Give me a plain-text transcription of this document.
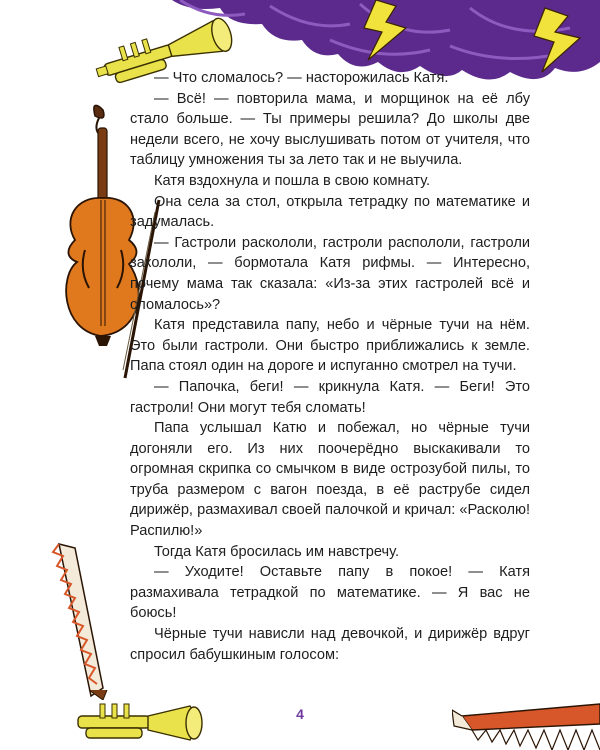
— Что сломалось? — насторожилась Катя.

— Всё! — повторила мама, и морщинок на её лбу стало больше. — Ты примеры решила? До школы две недели всего, не хочу выслушивать потом от учителя, что таблицу умножения ты за лето так и не выучила.

Катя вздохнула и пошла в свою комнату.

Она села за стол, открыла тетрадку по математике и задумалась.

— Гастроли раскололи, гастроли распололи, гастроли закололи, — бормотала Катя рифмы. — Интересно, почему мама так сказала: «Из-за этих гастролей всё и сломалось»?

Катя представила папу, небо и чёрные тучи на нём. Это были гастроли. Они быстро приближались к земле. Папа стоял один на дороге и испуганно смотрел на тучи.

— Папочка, беги! — крикнула Катя. — Беги! Это гастроли! Они могут тебя сломать!

Папа услышал Катю и побежал, но чёрные тучи догоняли его. Из них поочерёдно выскакивали то огромная скрипка со смычком в виде острозубой пилы, то труба размером с вагон поезда, в её раструбе сидел дирижёр, размахивал своей палочкой и кричал: «Расколю! Распилю!»

Тогда Катя бросилась им навстречу.

— Уходите! Оставьте папу в покое! — Катя размахивала тетрадкой по математике. — Я вас не боюсь!

Чёрные тучи нависли над девочкой, и дирижёр вдруг спросил бабушкиным голосом:

4
